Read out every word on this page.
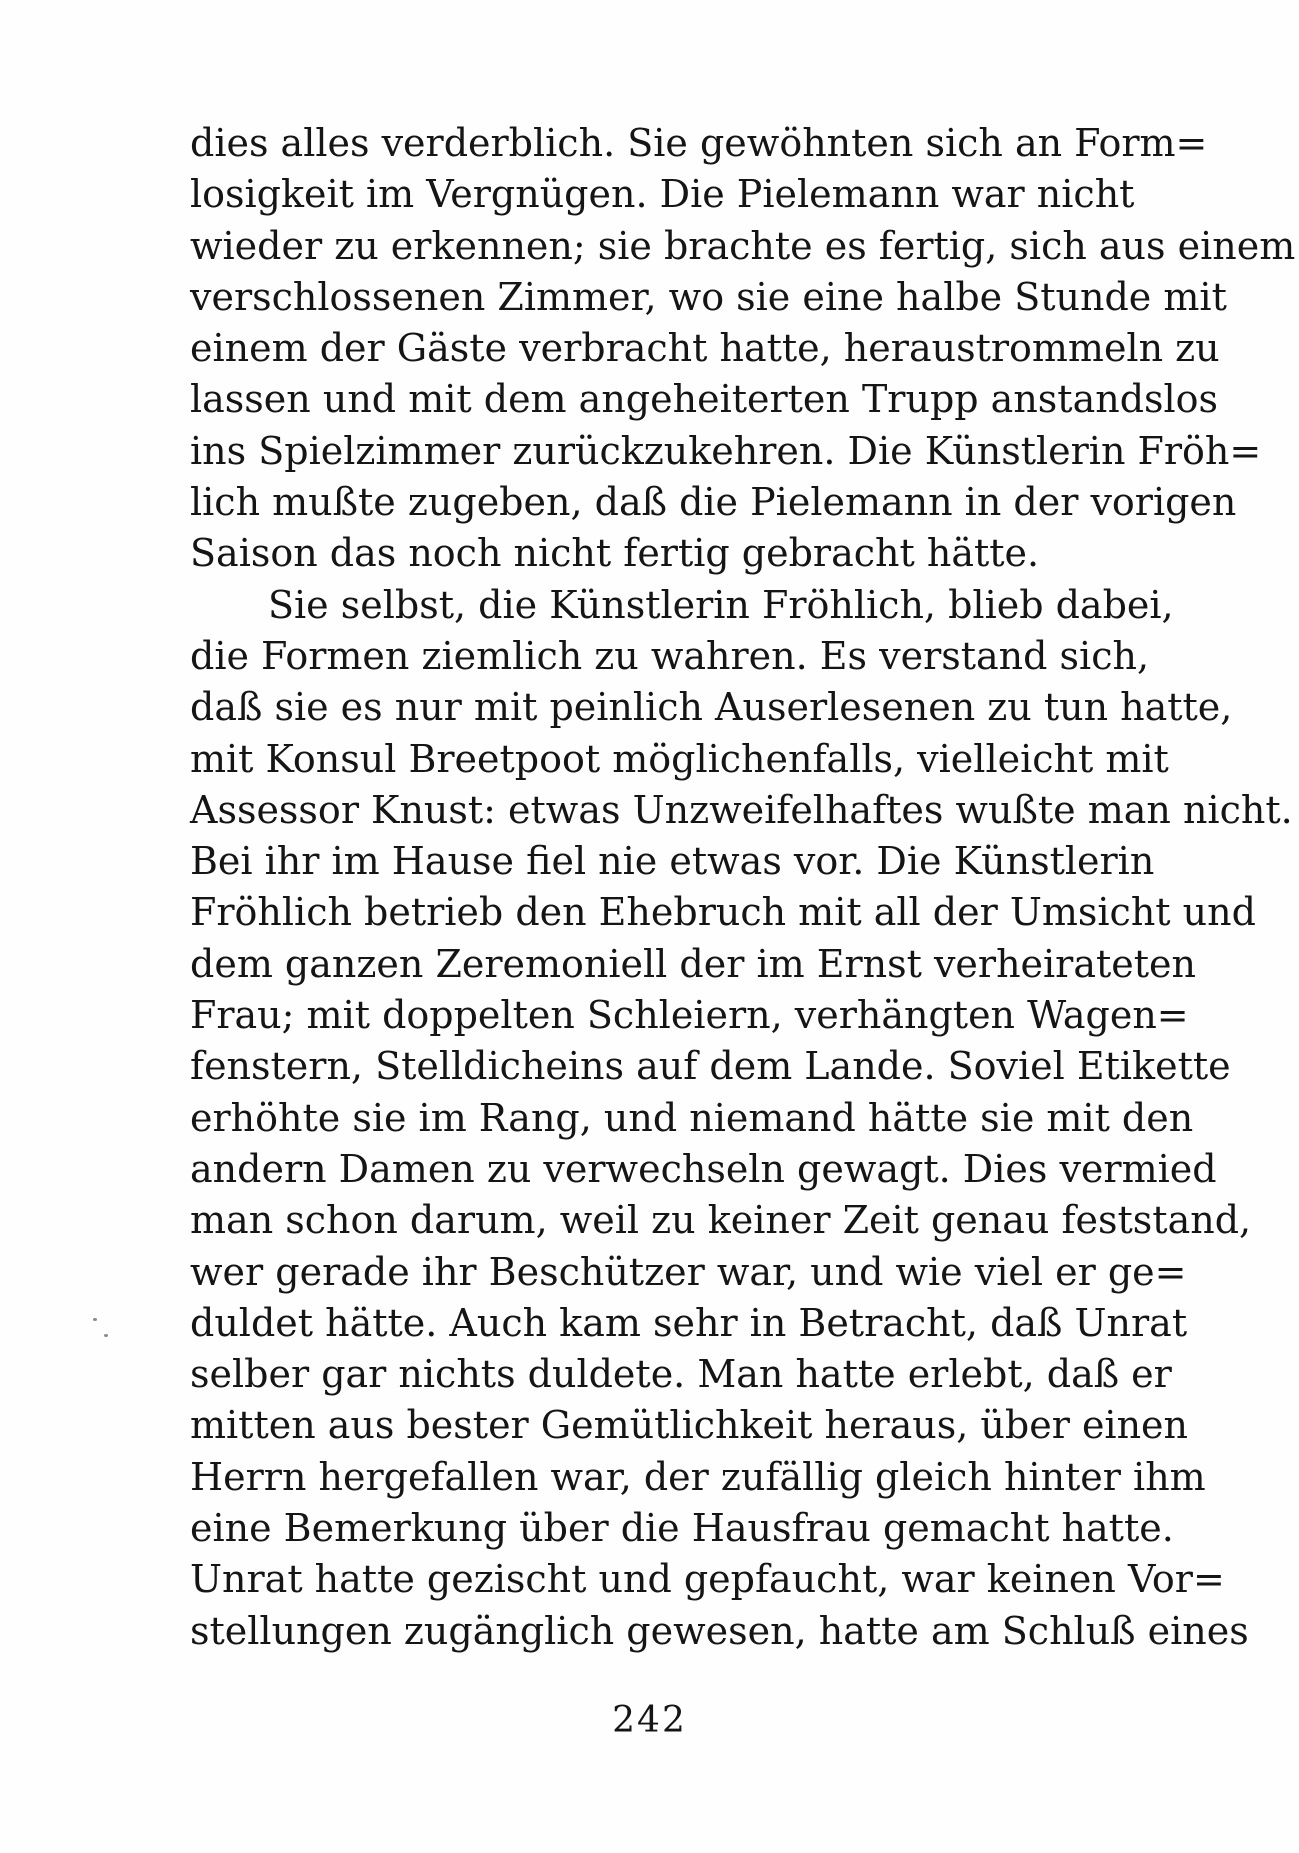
dies alles verderblich. Sie gewöhnten sich an Form=
losigkeit im Vergnügen. Die Pielemann war nicht
wieder zu erkennen; sie brachte es fertig, sich aus einem
verschlossenen Zimmer, wo sie eine halbe Stunde mit
einem der Gäste verbracht hatte, heraustrommeln zu
lassen und mit dem angeheiterten Trupp anstandslos
ins Spielzimmer zurückzukehren. Die Künstlerin Fröh=
lich mußte zugeben, daß die Pielemann in der vorigen
Saison das noch nicht fertig gebracht hätte.
Sie selbst, die Künstlerin Fröhlich, blieb dabei,
die Formen ziemlich zu wahren. Es verstand sich,
daß sie es nur mit peinlich Auserlesenen zu tun hatte,
mit Konsul Breetpoot möglichenfalls, vielleicht mit
Assessor Knust: etwas Unzweifelhaftes wußte man nicht.
Bei ihr im Hause fiel nie etwas vor. Die Künstlerin
Fröhlich betrieb den Ehebruch mit all der Umsicht und
dem ganzen Zeremoniell der im Ernst verheirateten
Frau; mit doppelten Schleiern, verhängten Wagen=
fenstern, Stelldicheins auf dem Lande. Soviel Etikette
erhöhte sie im Rang, und niemand hätte sie mit den
andern Damen zu verwechseln gewagt. Dies vermied
man schon darum, weil zu keiner Zeit genau feststand,
wer gerade ihr Beschützer war, und wie viel er ge=
duldet hätte. Auch kam sehr in Betracht, daß Unrat
selber gar nichts duldete. Man hatte erlebt, daß er
mitten aus bester Gemütlichkeit heraus, über einen
Herrn hergefallen war, der zufällig gleich hinter ihm
eine Bemerkung über die Hausfrau gemacht hatte.
Unrat hatte gezischt und gepfaucht, war keinen Vor=
stellungen zugänglich gewesen, hatte am Schluß eines
242
